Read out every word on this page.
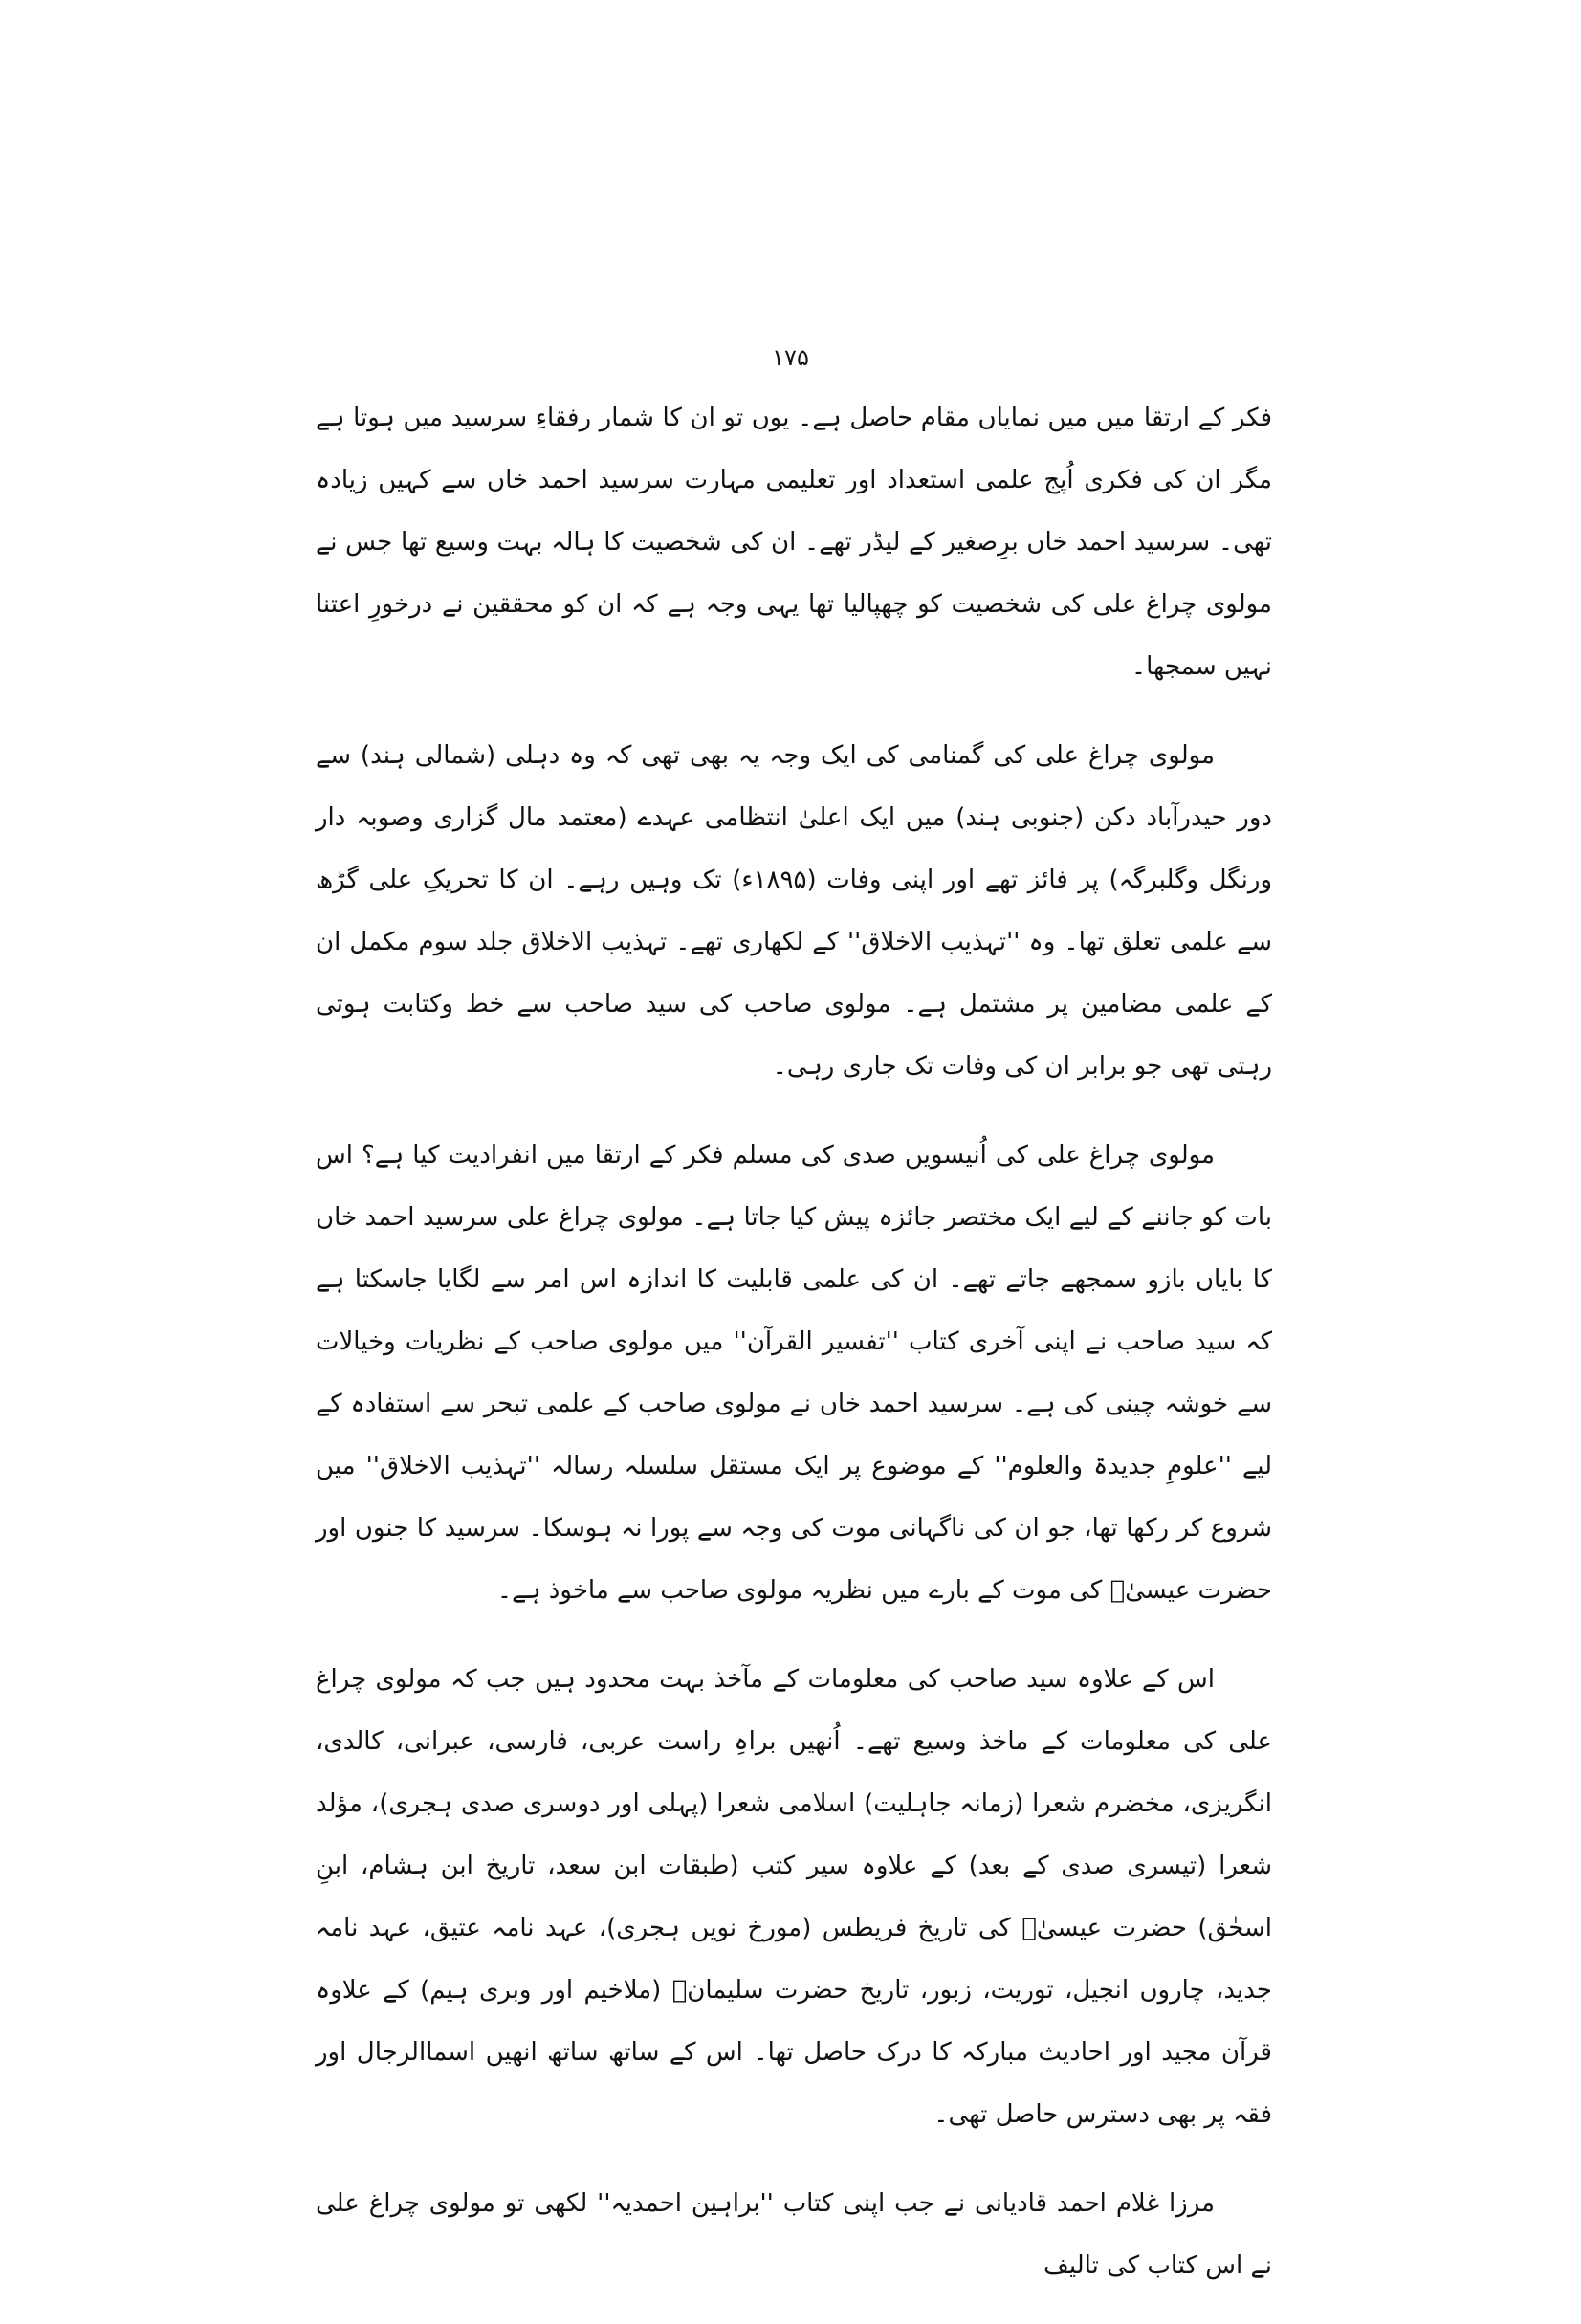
۱۷۵

فکر کے ارتقا میں میں نمایاں مقام حاصل ہے۔ یوں تو ان کا شمار رفقاءِ سرسید میں ہوتا ہے مگر ان کی فکری اُپج علمی استعداد اور تعلیمی مہارت سرسید احمد خاں سے کہیں زیادہ تھی۔ سرسید احمد خاں برِصغیر کے لیڈر تھے۔ ان کی شخصیت کا ہالہ بہت وسیع تھا جس نے مولوی چراغ علی کی شخصیت کو چھپالیا تھا یہی وجہ ہے کہ ان کو محققین نے درخورِ اعتنا نہیں سمجھا۔

مولوی چراغ علی کی گمنامی کی ایک وجہ یہ بھی تھی کہ وہ دہلی (شمالی ہند) سے دور حیدرآباد دکن (جنوبی ہند) میں ایک اعلیٰ انتظامی عہدے (معتمد مال گزاری وصوبہ دار ورنگل وگلبرگہ) پر فائز تھے اور اپنی وفات (۱۸۹۵ء) تک وہیں رہے۔ ان کا تحریکِ علی گڑھ سے علمی تعلق تھا۔ وہ ''تہذیب الاخلاق'' کے لکھاری تھے۔ تہذیب الاخلاق جلد سوم مکمل ان کے علمی مضامین پر مشتمل ہے۔ مولوی صاحب کی سید صاحب سے خط وکتابت ہوتی رہتی تھی جو برابر ان کی وفات تک جاری رہی۔

مولوی چراغ علی کی اُنیسویں صدی کی مسلم فکر کے ارتقا میں انفرادیت کیا ہے؟ اس بات کو جاننے کے لیے ایک مختصر جائزہ پیش کیا جاتا ہے۔ مولوی چراغ علی سرسید احمد خاں کا بایاں بازو سمجھے جاتے تھے۔ ان کی علمی قابلیت کا اندازہ اس امر سے لگایا جاسکتا ہے کہ سید صاحب نے اپنی آخری کتاب ''تفسیر القرآن'' میں مولوی صاحب کے نظریات وخیالات سے خوشہ چینی کی ہے۔ سرسید احمد خاں نے مولوی صاحب کے علمی تبحر سے استفادہ کے لیے ''علومِ جدیدۃ والعلوم'' کے موضوع پر ایک مستقل سلسلہ رسالہ ''تہذیب الاخلاق'' میں شروع کر رکھا تھا، جو ان کی ناگہانی موت کی وجہ سے پورا نہ ہوسکا۔ سرسید کا جنوں اور حضرت عیسیٰؑ کی موت کے بارے میں نظریہ مولوی صاحب سے ماخوذ ہے۔

اس کے علاوہ سید صاحب کی معلومات کے مآخذ بہت محدود ہیں جب کہ مولوی چراغ علی کی معلومات کے ماخذ وسیع تھے۔ اُنھیں براہِ راست عربی، فارسی، عبرانی، کالدی، انگریزی، مخضرم شعرا (زمانہ جاہلیت) اسلامی شعرا (پہلی اور دوسری صدی ہجری)، مؤلد شعرا (تیسری صدی کے بعد) کے علاوہ سیر کتب (طبقات ابن سعد، تاریخ ابن ہشام، ابنِ اسحٰق) حضرت عیسیٰؑ کی تاریخ فریطس (مورخ نویں ہجری)، عہد نامہ عتیق، عہد نامہ جدید، چاروں انجیل، توریت، زبور، تاریخ حضرت سلیمانؑ (ملاخیم اور وبری ہیم) کے علاوہ قرآن مجید اور احادیث مبارکہ کا درک حاصل تھا۔ اس کے ساتھ ساتھ انھیں اسماالرجال اور فقہ پر بھی دسترس حاصل تھی۔

مرزا غلام احمد قادیانی نے جب اپنی کتاب ''براہین احمدیہ'' لکھی تو مولوی چراغ علی نے اس کتاب کی تالیف
